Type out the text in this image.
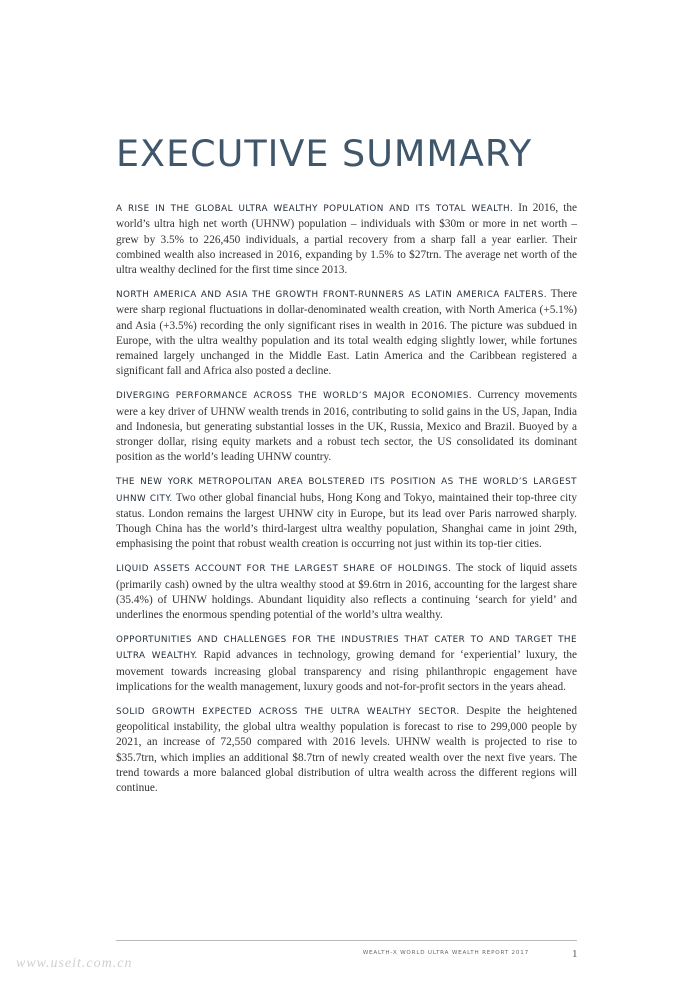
EXECUTIVE SUMMARY

A RISE IN THE GLOBAL ULTRA WEALTHY POPULATION AND ITS TOTAL WEALTH. In 2016, the world’s ultra high net worth (UHNW) population – individuals with $30m or more in net worth – grew by 3.5% to 226,450 individuals, a partial recovery from a sharp fall a year earlier. Their combined wealth also increased in 2016, expanding by 1.5% to $27trn. The average net worth of the ultra wealthy declined for the first time since 2013.

NORTH AMERICA AND ASIA THE GROWTH FRONT-RUNNERS AS LATIN AMERICA FALTERS. There were sharp regional fluctuations in dollar-denominated wealth creation, with North America (+5.1%) and Asia (+3.5%) recording the only significant rises in wealth in 2016. The picture was subdued in Europe, with the ultra wealthy population and its total wealth edging slightly lower, while fortunes remained largely unchanged in the Middle East. Latin America and the Caribbean registered a significant fall and Africa also posted a decline.

DIVERGING PERFORMANCE ACROSS THE WORLD’S MAJOR ECONOMIES. Currency movements were a key driver of UHNW wealth trends in 2016, contributing to solid gains in the US, Japan, India and Indonesia, but generating substantial losses in the UK, Russia, Mexico and Brazil. Buoyed by a stronger dollar, rising equity markets and a robust tech sector, the US consolidated its dominant position as the world’s leading UHNW country.

THE NEW YORK METROPOLITAN AREA BOLSTERED ITS POSITION AS THE WORLD’S LARGEST UHNW CITY. Two other global financial hubs, Hong Kong and Tokyo, maintained their top-three city status. London remains the largest UHNW city in Europe, but its lead over Paris narrowed sharply. Though China has the world’s third-largest ultra wealthy population, Shanghai came in joint 29th, emphasising the point that robust wealth creation is occurring not just within its top-tier cities.

LIQUID ASSETS ACCOUNT FOR THE LARGEST SHARE OF HOLDINGS. The stock of liquid assets (primarily cash) owned by the ultra wealthy stood at $9.6trn in 2016, accounting for the largest share (35.4%) of UHNW holdings. Abundant liquidity also reflects a continuing ‘search for yield’ and underlines the enormous spending potential of the world’s ultra wealthy.

OPPORTUNITIES AND CHALLENGES FOR THE INDUSTRIES THAT CATER TO AND TARGET THE ULTRA WEALTHY. Rapid advances in technology, growing demand for ‘experiential’ luxury, the movement towards increasing global transparency and rising philanthropic engagement have implications for the wealth management, luxury goods and not-for-profit sectors in the years ahead.

SOLID GROWTH EXPECTED ACROSS THE ULTRA WEALTHY SECTOR. Despite the heightened geopolitical instability, the global ultra wealthy population is forecast to rise to 299,000 people by 2021, an increase of 72,550 compared with 2016 levels. UHNW wealth is projected to rise to $35.7trn, which implies an additional $8.7trn of newly created wealth over the next five years. The trend towards a more balanced global distribution of ultra wealth across the different regions will continue.

WEALTH-X WORLD ULTRA WEALTH REPORT 2017	1
www.useit.com.cn
